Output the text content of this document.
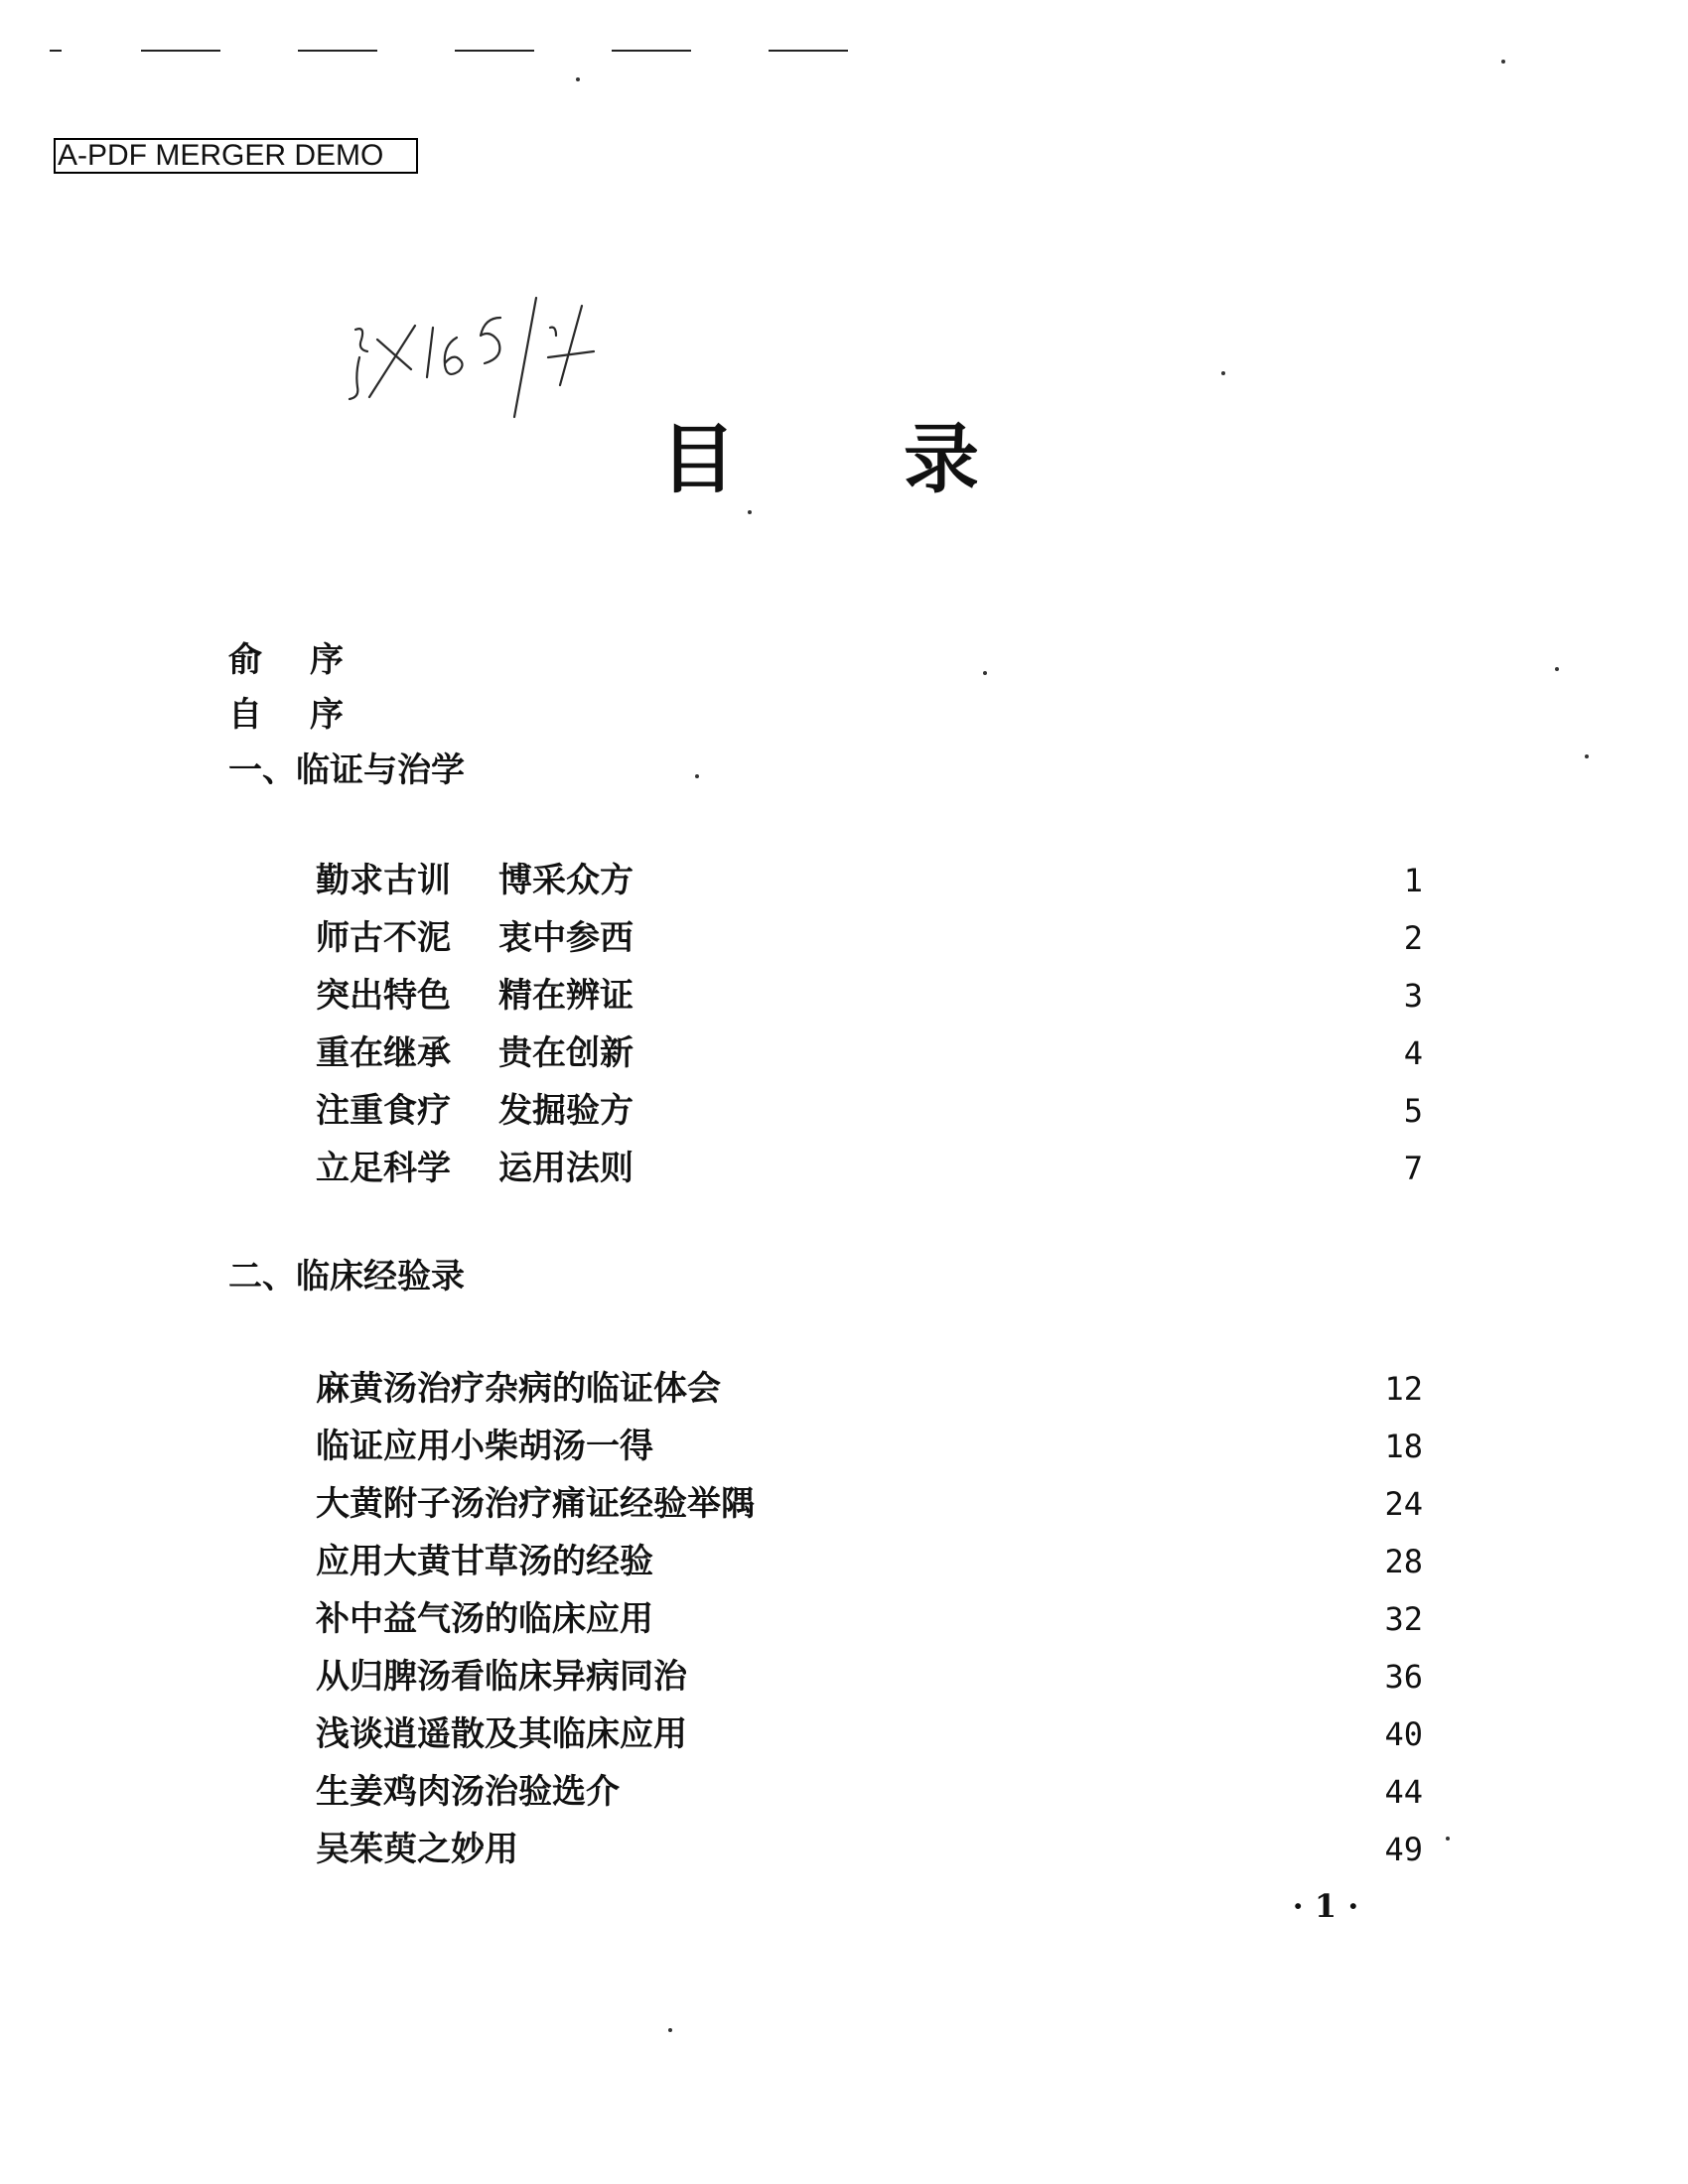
A-PDF MERGER DEMO
目 录
俞 序
自 序
一、临证与治学
勤求古训 博采众方	1
师古不泥 衷中参西	2
突出特色 精在辨证	3
重在继承 贵在创新	4
注重食疗 发掘验方	5
立足科学 运用法则	7
二、临床经验录
麻黄汤治疗杂病的临证体会	12
临证应用小柴胡汤一得	18
大黄附子汤治疗痛证经验举隅	24
应用大黄甘草汤的经验	28
补中益气汤的临床应用	32
从归脾汤看临床异病同治	36
浅谈逍遥散及其临床应用	40
生姜鸡肉汤治验选介	44
吴茱萸之妙用	49
· 1 ·
